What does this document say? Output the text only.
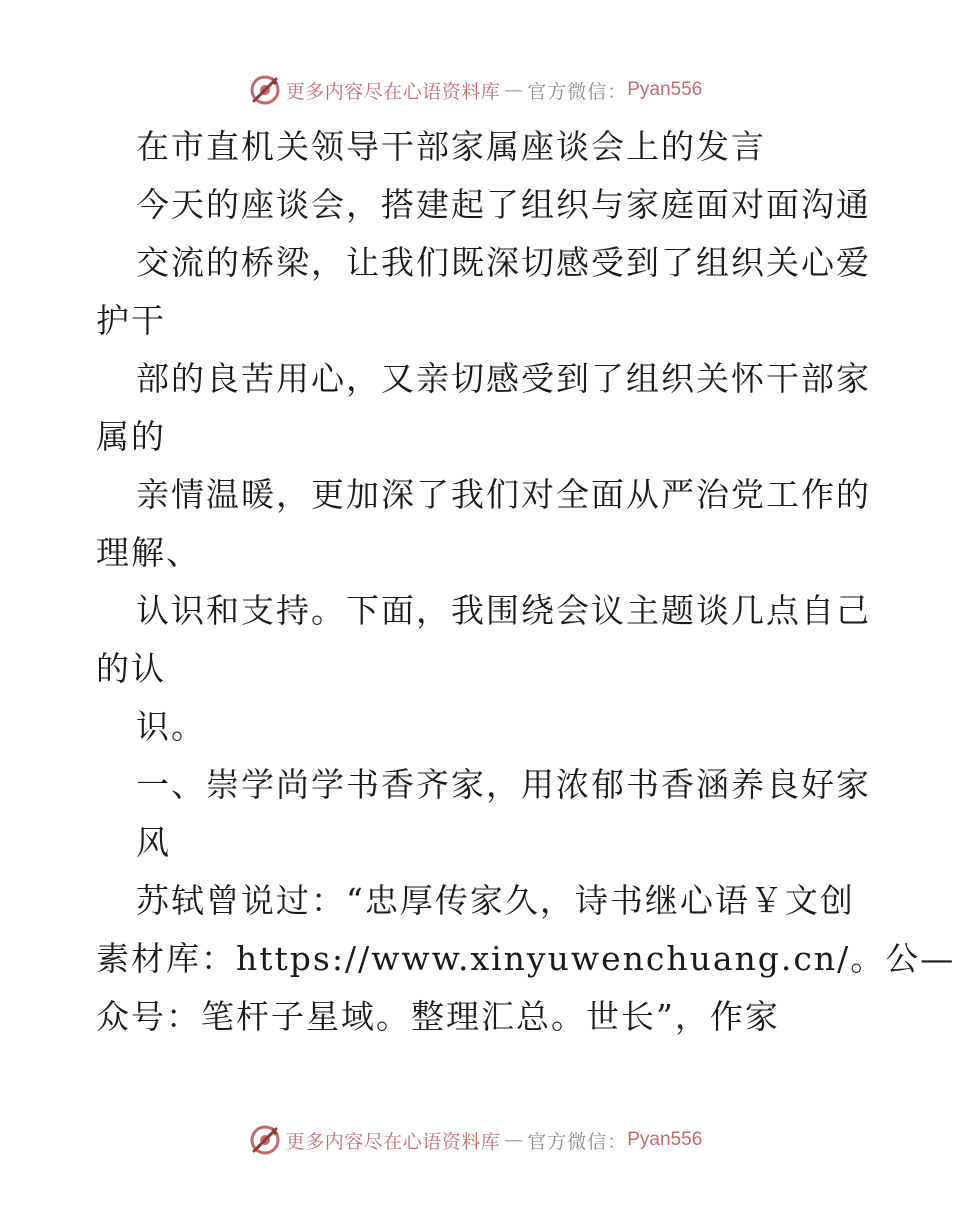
更多内容尽在心语资料库 — 官方微信： Pyan556
在市直机关领导干部家属座谈会上的发言
今天的座谈会，搭建起了组织与家庭面对面沟通
交流的桥梁，让我们既深切感受到了组织关心爱
护干
部的良苦用心，又亲切感受到了组织关怀干部家
属的
亲情温暖，更加深了我们对全面从严治党工作的
理解、
认识和支持。下面，我围绕会议主题谈几点自己
的认
识。
一、崇学尚学书香齐家，用浓郁书香涵养良好家
风
苏轼曾说过：“忠厚传家久，诗书继心语￥文创
素材库：https://www.xinyuwenchuang.cn/。公—
众号：笔杆子星域。整理汇总。世长”，作家
更多内容尽在心语资料库 — 官方微信： Pyan556
